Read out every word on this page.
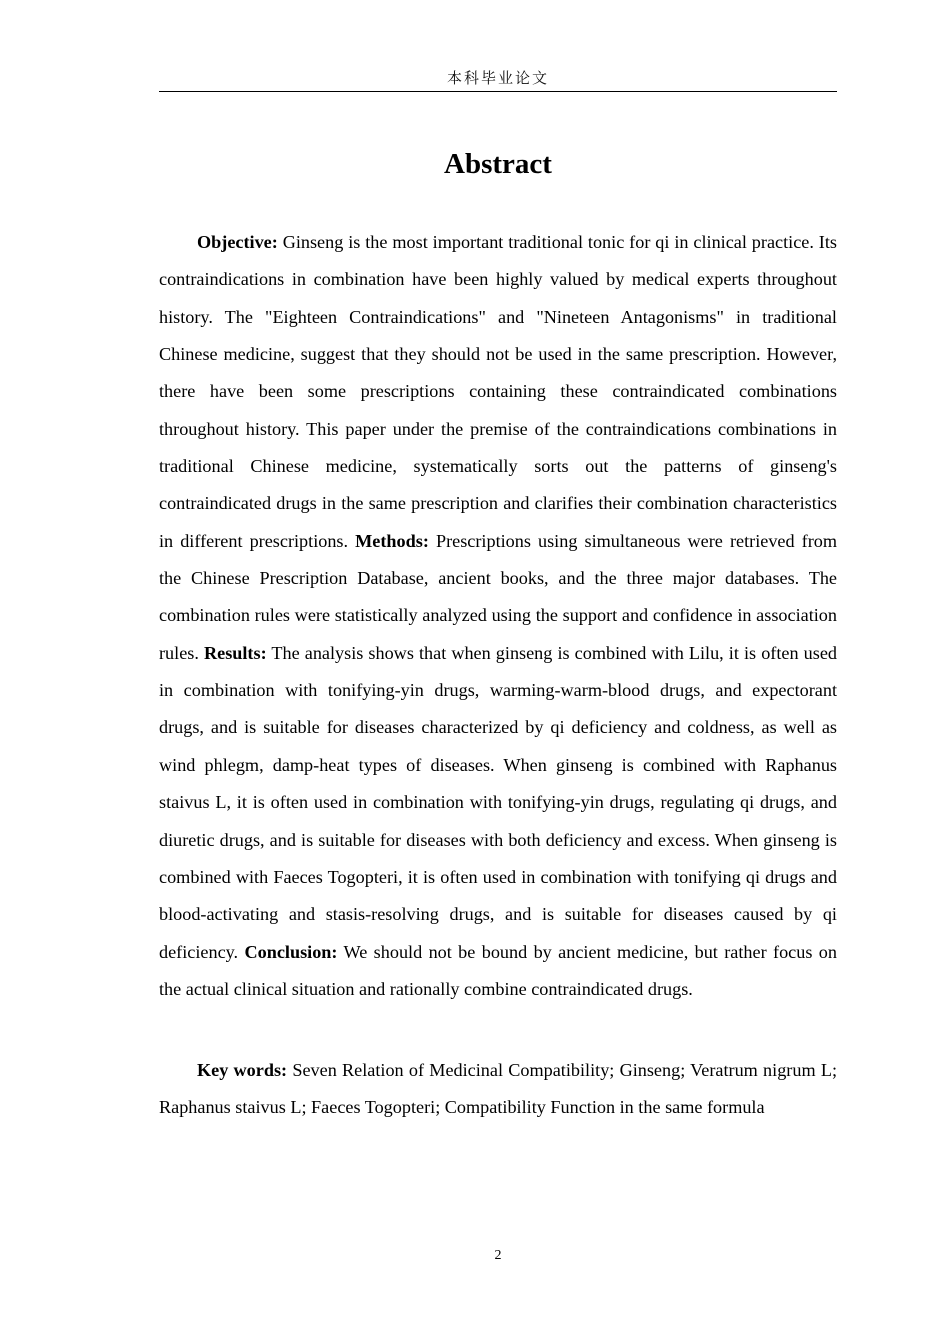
本科毕业论文
Abstract

Objective: Ginseng is the most important traditional tonic for qi in clinical practice. Its contraindications in combination have been highly valued by medical experts throughout history. The "Eighteen Contraindications" and "Nineteen Antagonisms" in traditional Chinese medicine, suggest that they should not be used in the same prescription. However, there have been some prescriptions containing these contraindicated combinations throughout history. This paper under the premise of the contraindications combinations in traditional Chinese medicine, systematically sorts out the patterns of ginseng's contraindicated drugs in the same prescription and clarifies their combination characteristics in different prescriptions. Methods: Prescriptions using simultaneous were retrieved from the Chinese Prescription Database, ancient books, and the three major databases. The combination rules were statistically analyzed using the support and confidence in association rules. Results: The analysis shows that when ginseng is combined with Lilu, it is often used in combination with tonifying-yin drugs, warming-warm-blood drugs, and expectorant drugs, and is suitable for diseases characterized by qi deficiency and coldness, as well as wind phlegm, damp-heat types of diseases. When ginseng is combined with Raphanus staivus L, it is often used in combination with tonifying-yin drugs, regulating qi drugs, and diuretic drugs, and is suitable for diseases with both deficiency and excess. When ginseng is combined with Faeces Togopteri, it is often used in combination with tonifying qi drugs and blood-activating and stasis-resolving drugs, and is suitable for diseases caused by qi deficiency. Conclusion: We should not be bound by ancient medicine, but rather focus on the actual clinical situation and rationally combine contraindicated drugs.

Key words: Seven Relation of Medicinal Compatibility; Ginseng; Veratrum nigrum L; Raphanus staivus L; Faeces Togopteri; Compatibility Function in the same formula

2
